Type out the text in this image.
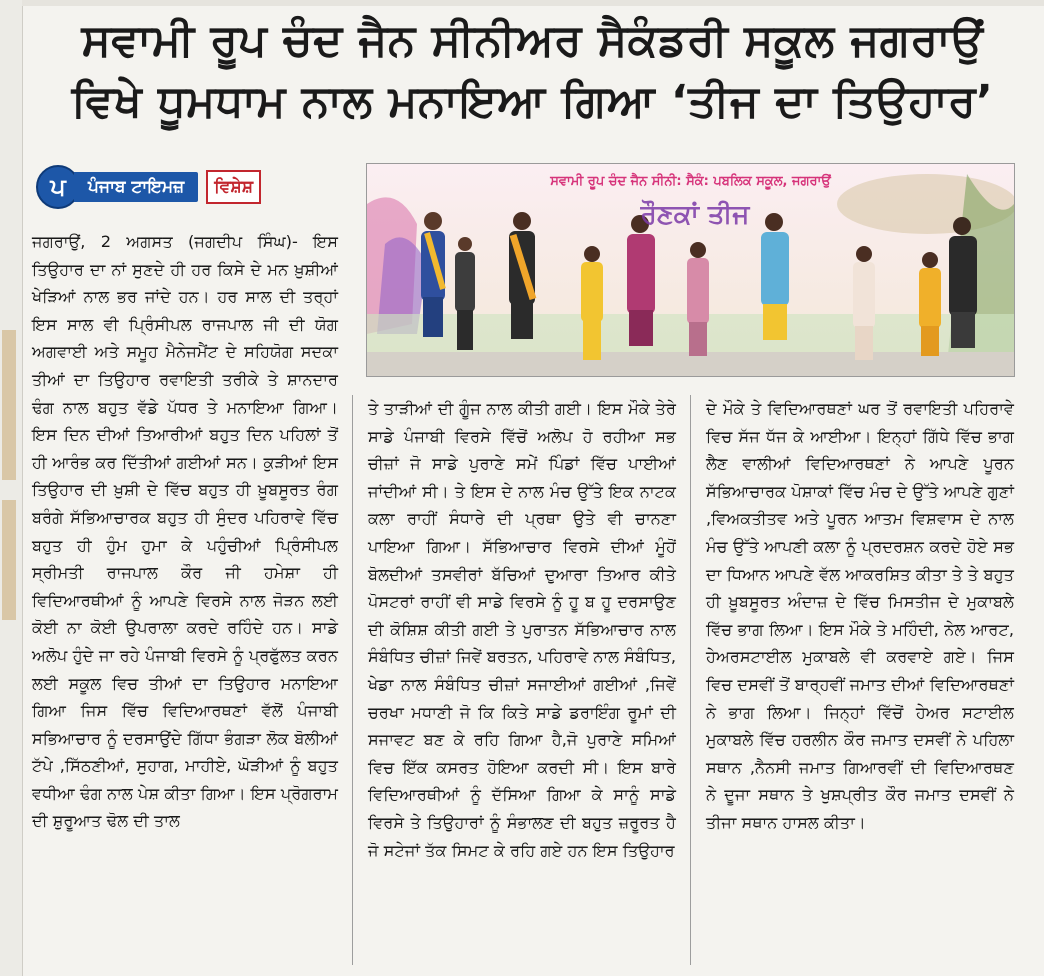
ਸਵਾਮੀ ਰੂਪ ਚੰਦ ਜੈਨ ਸੀਨੀਅਰ ਸੈਕੰਡਰੀ ਸਕੂਲ ਜਗਰਾਉਂ
ਵਿਖੇ ਧੂਮਧਾਮ ਨਾਲ ਮਨਾਇਆ ਗਿਆ ‘ਤੀਜ ਦਾ ਤਿਉਹਾਰ’
ਪ	ਪੰਜਾਬ ਟਾਇਮਜ਼	ਵਿਸ਼ੇਸ਼	ਸਵਾਮੀ ਰੂਪ ਚੰਦ ਜੈਨ ਸੀਨੀ: ਸੈਕੰ: ਪਬਲਿਕ ਸਕੂਲ, ਜਗਰਾਉਂ
ਰੌਣਕਾਂ ਤੀਜ

ਜਗਰਾਉਂ, 2 ਅਗਸਤ (ਜਗਦੀਪ ਸਿੰਘ)- ਇਸ ਤਿਉਹਾਰ ਦਾ ਨਾਂ ਸੁਣਦੇ ਹੀ ਹਰ ਕਿਸੇ ਦੇ ਮਨ ਖ਼ੁਸ਼ੀਆਂ ਖੇੜਿਆਂ ਨਾਲ ਭਰ ਜਾਂਦੇ ਹਨ। ਹਰ ਸਾਲ ਦੀ ਤਰ੍ਹਾਂ ਇਸ ਸਾਲ ਵੀ ਪ੍ਰਿੰਸੀਪਲ ਰਾਜਪਾਲ ਜੀ ਦੀ ਯੋਗ ਅਗਵਾਈ ਅਤੇ ਸਮੂਹ ਮੈਨੇਜਮੈਂਟ ਦੇ ਸਹਿਯੋਗ ਸਦਕਾ ਤੀਆਂ ਦਾ ਤਿਉਹਾਰ ਰਵਾਇਤੀ ਤਰੀਕੇ ਤੇ ਸ਼ਾਨਦਾਰ ਢੰਗ ਨਾਲ ਬਹੁਤ ਵੱਡੇ ਪੱਧਰ ਤੇ ਮਨਾਇਆ ਗਿਆ। ਇਸ ਦਿਨ ਦੀਆਂ ਤਿਆਰੀਆਂ ਬਹੁਤ ਦਿਨ ਪਹਿਲਾਂ ਤੋਂ ਹੀ ਆਰੰਭ ਕਰ ਦਿੱਤੀਆਂ ਗਈਆਂ ਸਨ। ਕੁੜੀਆਂ ਇਸ ਤਿਉਹਾਰ ਦੀ ਖ਼ੁਸ਼ੀ ਦੇ ਵਿੱਚ ਬਹੁਤ ਹੀ ਖ਼ੂਬਸੂਰਤ ਰੰਗ ਬਰੰਗੇ ਸੱਭਿਆਚਾਰਕ ਬਹੁਤ ਹੀ ਸੁੰਦਰ ਪਹਿਰਾਵੇ ਵਿੱਚ ਬਹੁਤ ਹੀ ਹੁੰਮ ਹੁਮਾ ਕੇ ਪਹੁੰਚੀਆਂ ਪ੍ਰਿੰਸੀਪਲ ਸ੍ਰੀਮਤੀ ਰਾਜਪਾਲ ਕੌਰ ਜੀ ਹਮੇਸ਼ਾ ਹੀ ਵਿਦਿਆਰਥੀਆਂ ਨੂੰ ਆਪਣੇ ਵਿਰਸੇ ਨਾਲ ਜੋੜਨ ਲਈ ਕੋਈ ਨਾ ਕੋਈ ਉਪਰਾਲਾ ਕਰਦੇ ਰਹਿੰਦੇ ਹਨ। ਸਾਡੇ ਅਲੋਪ ਹੁੰਦੇ ਜਾ ਰਹੇ ਪੰਜਾਬੀ ਵਿਰਸੇ ਨੂੰ ਪ੍ਰਫੁੱਲਤ ਕਰਨ ਲਈ ਸਕੂਲ ਵਿਚ ਤੀਆਂ ਦਾ ਤਿਉਹਾਰ ਮਨਾਇਆ ਗਿਆ ਜਿਸ ਵਿੱਚ ਵਿਦਿਆਰਥਣਾਂ ਵੱਲੋਂ ਪੰਜਾਬੀ ਸਭਿਆਚਾਰ ਨੂੰ ਦਰਸਾਉਂਦੇ ਗਿੱਧਾ ਭੰਗੜਾ ਲੋਕ ਬੋਲੀਆਂ ਟੱਪੇ ,ਸਿੱਠਣੀਆਂ, ਸੁਹਾਗ, ਮਾਹੀਏ, ਘੋੜੀਆਂ ਨੂੰ ਬਹੁਤ ਵਧੀਆ ਢੰਗ ਨਾਲ ਪੇਸ਼ ਕੀਤਾ ਗਿਆ। ਇਸ ਪ੍ਰੋਗਰਾਮ ਦੀ ਸ਼ੁਰੂਆਤ ਢੋਲ ਦੀ ਤਾਲ

ਤੇ ਤਾੜੀਆਂ ਦੀ ਗੂੰਜ ਨਾਲ ਕੀਤੀ ਗਈ। ਇਸ ਮੌਕੇ ਤੇਰੇ ਸਾਡੇ ਪੰਜਾਬੀ ਵਿਰਸੇ ਵਿੱਚੋਂ ਅਲੋਪ ਹੋ ਰਹੀਆ ਸਭ ਚੀਜ਼ਾਂ ਜੋ ਸਾਡੇ ਪੁਰਾਣੇ ਸਮੇਂ ਪਿੰਡਾਂ ਵਿੱਚ ਪਾਈਆਂ ਜਾਂਦੀਆਂ ਸੀ। ਤੇ ਇਸ ਦੇ ਨਾਲ ਮੰਚ ਉੱਤੇ ਇਕ ਨਾਟਕ ਕਲਾ ਰਾਹੀਂ ਸੰਧਾਰੇ ਦੀ ਪ੍ਰਥਾ ਉਤੇ ਵੀ ਚਾਨਣਾ ਪਾਇਆ ਗਿਆ। ਸੱਭਿਆਚਾਰ ਵਿਰਸੇ ਦੀਆਂ ਮੂੰਹੋਂ ਬੋਲਦੀਆਂ ਤਸਵੀਰਾਂ ਬੱਚਿਆਂ ਦੁਆਰਾ ਤਿਆਰ ਕੀਤੇ ਪੋਸਟਰਾਂ ਰਾਹੀਂ ਵੀ ਸਾਡੇ ਵਿਰਸੇ ਨੂੰ ਹੂ ਬ ਹੂ ਦਰਸਾਉਣ ਦੀ ਕੋਸ਼ਿਸ਼ ਕੀਤੀ ਗਈ ਤੇ ਪੁਰਾਤਨ ਸੱਭਿਆਚਾਰ ਨਾਲ ਸੰਬੰਧਿਤ ਚੀਜ਼ਾਂ ਜਿਵੇਂ ਬਰਤਨ, ਪਹਿਰਾਵੇ ਨਾਲ ਸੰਬੰਧਿਤ, ਖੇਡਾ ਨਾਲ ਸੰਬੰਧਿਤ ਚੀਜ਼ਾਂ ਸਜਾਈਆਂ ਗਈਆਂ ,ਜਿਵੇਂ ਚਰਖਾ ਮਧਾਣੀ ਜੋ ਕਿ ਕਿਤੇ ਸਾਡੇ ਡਰਾਇੰਗ ਰੂਮਾਂ ਦੀ ਸਜਾਵਟ ਬਣ ਕੇ ਰਹਿ ਗਿਆ ਹੈ,ਜੋ ਪੁਰਾਣੇ ਸਮਿਆਂ ਵਿਚ ਇੱਕ ਕਸਰਤ ਹੋਇਆ ਕਰਦੀ ਸੀ। ਇਸ ਬਾਰੇ ਵਿਦਿਆਰਥੀਆਂ ਨੂੰ ਦੱਸਿਆ ਗਿਆ ਕੇ ਸਾਨੂੰ ਸਾਡੇ ਵਿਰਸੇ ਤੇ ਤਿਉਹਾਰਾਂ ਨੂੰ ਸੰਭਾਲਣ ਦੀ ਬਹੁਤ ਜ਼ਰੂਰਤ ਹੈ ਜੋ ਸਟੇਜਾਂ ਤੱਕ ਸਿਮਟ ਕੇ ਰਹਿ ਗਏ ਹਨ ਇਸ ਤਿਉਹਾਰ

ਦੇ ਮੌਕੇ ਤੇ ਵਿਦਿਆਰਥਣਾਂ ਘਰ ਤੋਂ ਰਵਾਇਤੀ ਪਹਿਰਾਵੇ ਵਿਚ ਸੱਜ ਧੱਜ ਕੇ ਆਈਆ। ਇਨ੍ਹਾਂ ਗਿੱਧੇ ਵਿੱਚ ਭਾਗ ਲੈਣ ਵਾਲੀਆਂ ਵਿਦਿਆਰਥਣਾਂ ਨੇ ਆਪਣੇ ਪੂਰਨ ਸੱਭਿਆਚਾਰਕ ਪੋਸ਼ਾਕਾਂ ਵਿੱਚ ਮੰਚ ਦੇ ਉੱਤੇ ਆਪਣੇ ਗੁਣਾਂ ,ਵਿਅਕਤੀਤਵ ਅਤੇ ਪੂਰਨ ਆਤਮ ਵਿਸ਼ਵਾਸ ਦੇ ਨਾਲ ਮੰਚ ਉੱਤੇ ਆਪਣੀ ਕਲਾ ਨੂੰ ਪ੍ਰਦਰਸ਼ਨ ਕਰਦੇ ਹੋਏ ਸਭ ਦਾ ਧਿਆਨ ਆਪਣੇ ਵੱਲ ਆਕਰਸ਼ਿਤ ਕੀਤਾ ਤੇ ਤੇ ਬਹੁਤ ਹੀ ਖ਼ੂਬਸੂਰਤ ਅੰਦਾਜ਼ ਦੇ ਵਿੱਚ ਮਿਸਤੀਜ ਦੇ ਮੁਕਾਬਲੇ ਵਿੱਚ ਭਾਗ ਲਿਆ। ਇਸ ਮੌਕੇ ਤੇ ਮਹਿੰਦੀ, ਨੇਲ ਆਰਟ, ਹੇਅਰਸਟਾਈਲ ਮੁਕਾਬਲੇ ਵੀ ਕਰਵਾਏ ਗਏ। ਜਿਸ ਵਿਚ ਦਸਵੀਂ ਤੋਂ ਬਾਰ੍ਹਵੀਂ ਜਮਾਤ ਦੀਆਂ ਵਿਦਿਆਰਥਣਾਂ ਨੇ ਭਾਗ ਲਿਆ। ਜਿਨ੍ਹਾਂ ਵਿੱਚੋਂ ਹੇਅਰ ਸਟਾਈਲ ਮੁਕਾਬਲੇ ਵਿੱਚ ਹਰਲੀਨ ਕੌਰ ਜਮਾਤ ਦਸਵੀਂ ਨੇ ਪਹਿਲਾ ਸਥਾਨ ,ਨੈਨਸੀ ਜਮਾਤ ਗਿਆਰਵੀਂ ਦੀ ਵਿਦਿਆਰਥਣ ਨੇ ਦੂਜਾ ਸਥਾਨ ਤੇ ਖੁਸ਼ਪ੍ਰੀਤ ਕੌਰ ਜਮਾਤ ਦਸਵੀਂ ਨੇ ਤੀਜਾ ਸਥਾਨ ਹਾਸਲ ਕੀਤਾ।
